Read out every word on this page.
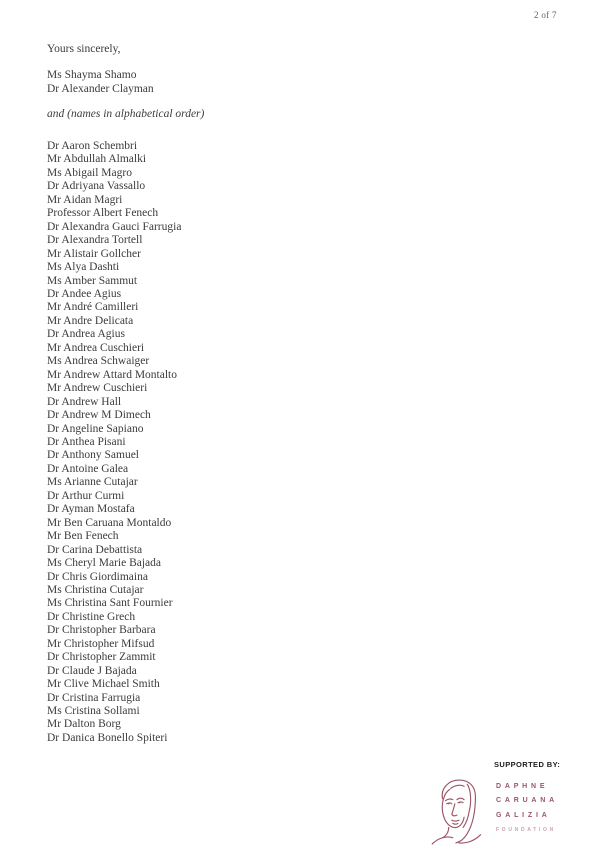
2 of 7
Yours sincerely,
Ms Shayma Shamo
Dr Alexander Clayman
and (names in alphabetical order)
Dr Aaron Schembri
Mr Abdullah Almalki
Ms Abigail Magro
Dr Adriyana Vassallo
Mr Aidan Magri
Professor Albert Fenech
Dr Alexandra Gauci Farrugia
Dr Alexandra Tortell
Mr Alistair Gollcher
Ms Alya Dashti
Ms Amber Sammut
Dr Andee Agius
Mr André Camilleri
Mr Andre Delicata
Dr Andrea Agius
Mr Andrea Cuschieri
Ms Andrea Schwaiger
Mr Andrew Attard Montalto
Mr Andrew Cuschieri
Dr Andrew Hall
Dr Andrew M Dimech
Dr Angeline Sapiano
Dr Anthea Pisani
Dr Anthony Samuel
Dr Antoine Galea
Ms Arianne Cutajar
Dr Arthur Curmi
Dr Ayman Mostafa
Mr Ben Caruana Montaldo
Mr Ben Fenech
Dr Carina Debattista
Ms Cheryl Marie Bajada
Dr Chris Giordimaina
Ms Christina Cutajar
Ms Christina Sant Fournier
Dr Christine Grech
Dr Christopher Barbara
Mr Christopher Mifsud
Dr Christopher Zammit
Dr Claude J Bajada
Mr Clive Michael Smith
Dr Cristina Farrugia
Ms Cristina Sollami
Mr Dalton Borg
Dr Danica Bonello Spiteri
SUPPORTED BY:
DAPHNE
CARUANA
GALIZIA
FOUNDATION
